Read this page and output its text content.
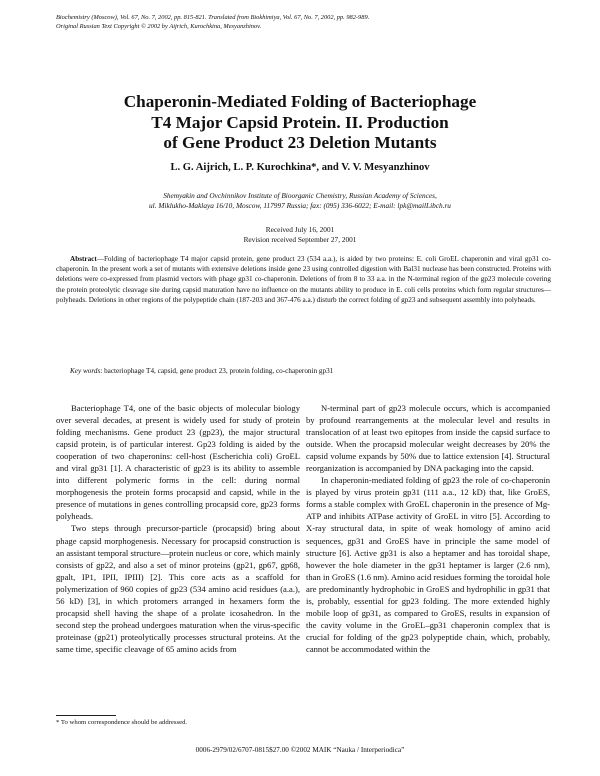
Biochemistry (Moscow), Vol. 67, No. 7, 2002, pp. 815-821. Translated from Biokhimiya, Vol. 67, No. 7, 2002, pp. 982-989.
Original Russian Text Copyright © 2002 by Aijrich, Kurochkina, Mesyanzhinov.
Chaperonin-Mediated Folding of Bacteriophage
T4 Major Capsid Protein. II. Production
of Gene Product 23 Deletion Mutants
L. G. Aijrich, L. P. Kurochkina*, and V. V. Mesyanzhinov
Shemyakin and Ovchinnikov Institute of Bioorganic Chemistry, Russian Academy of Sciences,
ul. Miklukho-Maklaya 16/10, Moscow, 117997 Russia; fax: (095) 336-6022; E-mail: lpk@mailLibch.ru
Received July 16, 2001
Revision received September 27, 2001
Abstract—Folding of bacteriophage T4 major capsid protein, gene product 23 (534 a.a.), is aided by two proteins: E. coli GroEL chaperonin and viral gp31 co-chaperonin. In the present work a set of mutants with extensive deletions inside gene 23 using controlled digestion with Bal31 nuclease has been constructed. Proteins with deletions were co-expressed from plasmid vectors with phage gp31 co-chaperonin. Deletions of from 8 to 33 a.a. in the N-terminal region of the gp23 molecule covering the protein proteolytic cleavage site during capsid maturation have no influence on the mutants ability to produce in E. coli cells proteins which form regular structures—polyheads. Deletions in other regions of the polypeptide chain (187-203 and 367-476 a.a.) disturb the correct folding of gp23 and subsequent assembly into polyheads.
Key words: bacteriophage T4, capsid, gene product 23, protein folding, co-chaperonin gp31

Bacteriophage T4, one of the basic objects of molecular biology over several decades, at present is widely used for study of protein folding mechanisms. Gene product 23 (gp23), the major structural capsid protein, is of particular interest. Gp23 folding is aided by the cooperation of two chaperonins: cell-host (Escherichia coli) GroEL and viral gp31 [1]. A characteristic of gp23 is its ability to assemble into different polymeric forms in the cell: during normal morphogenesis the protein forms procapsid and capsid, while in the presence of mutations in genes controlling procapsid core, gp23 forms polyheads.

Two steps through precursor-particle (procapsid) bring about phage capsid morphogenesis. Necessary for procapsid construction is an assistant temporal structure—protein nucleus or core, which mainly consists of gp22, and also a set of minor proteins (gp21, gp67, gp68, gpalt, IP1, IPII, IPIII) [2]. This core acts as a scaffold for polymerization of 960 copies of gp23 (534 amino acid residues (a.a.), 56 kD) [3], in which protomers arranged in hexamers form the procapsid shell having the shape of a prolate icosahedron. In the second step the prohead undergoes maturation when the virus-specific proteinase (gp21) proteolytically processes structural proteins. At the same time, specific cleavage of 65 amino acids from

N-terminal part of gp23 molecule occurs, which is accompanied by profound rearrangements at the molecular level and results in translocation of at least two epitopes from inside the capsid surface to outside. When the procapsid molecular weight decreases by 20% the capsid volume expands by 50% due to lattice extension [4]. Structural reorganization is accompanied by DNA packaging into the capsid.

In chaperonin-mediated folding of gp23 the role of co-chaperonin is played by virus protein gp31 (111 a.a., 12 kD) that, like GroES, forms a stable complex with GroEL chaperonin in the presence of Mg-ATP and inhibits ATPase activity of GroEL in vitro [5]. According to X-ray structural data, in spite of weak homology of amino acid sequences, gp31 and GroES have in principle the same model of structure [6]. Active gp31 is also a heptamer and has toroidal shape, however the hole diameter in the gp31 heptamer is larger (2.6 nm), than in GroES (1.6 nm). Amino acid residues forming the toroidal hole are predominantly hydrophobic in GroES and hydrophilic in gp31 that is, probably, essential for gp23 folding. The more extended highly mobile loop of gp31, as compared to GroES, results in expansion of the cavity volume in the GroEL–gp31 chaperonin complex that is crucial for folding of the gp23 polypeptide chain, which, probably, cannot be accommodated within the

* To whom correspondence should be addressed.
0006-2979/02/6707-0815$27.00 ©2002 MAIK “Nauka / Interperiodica”
